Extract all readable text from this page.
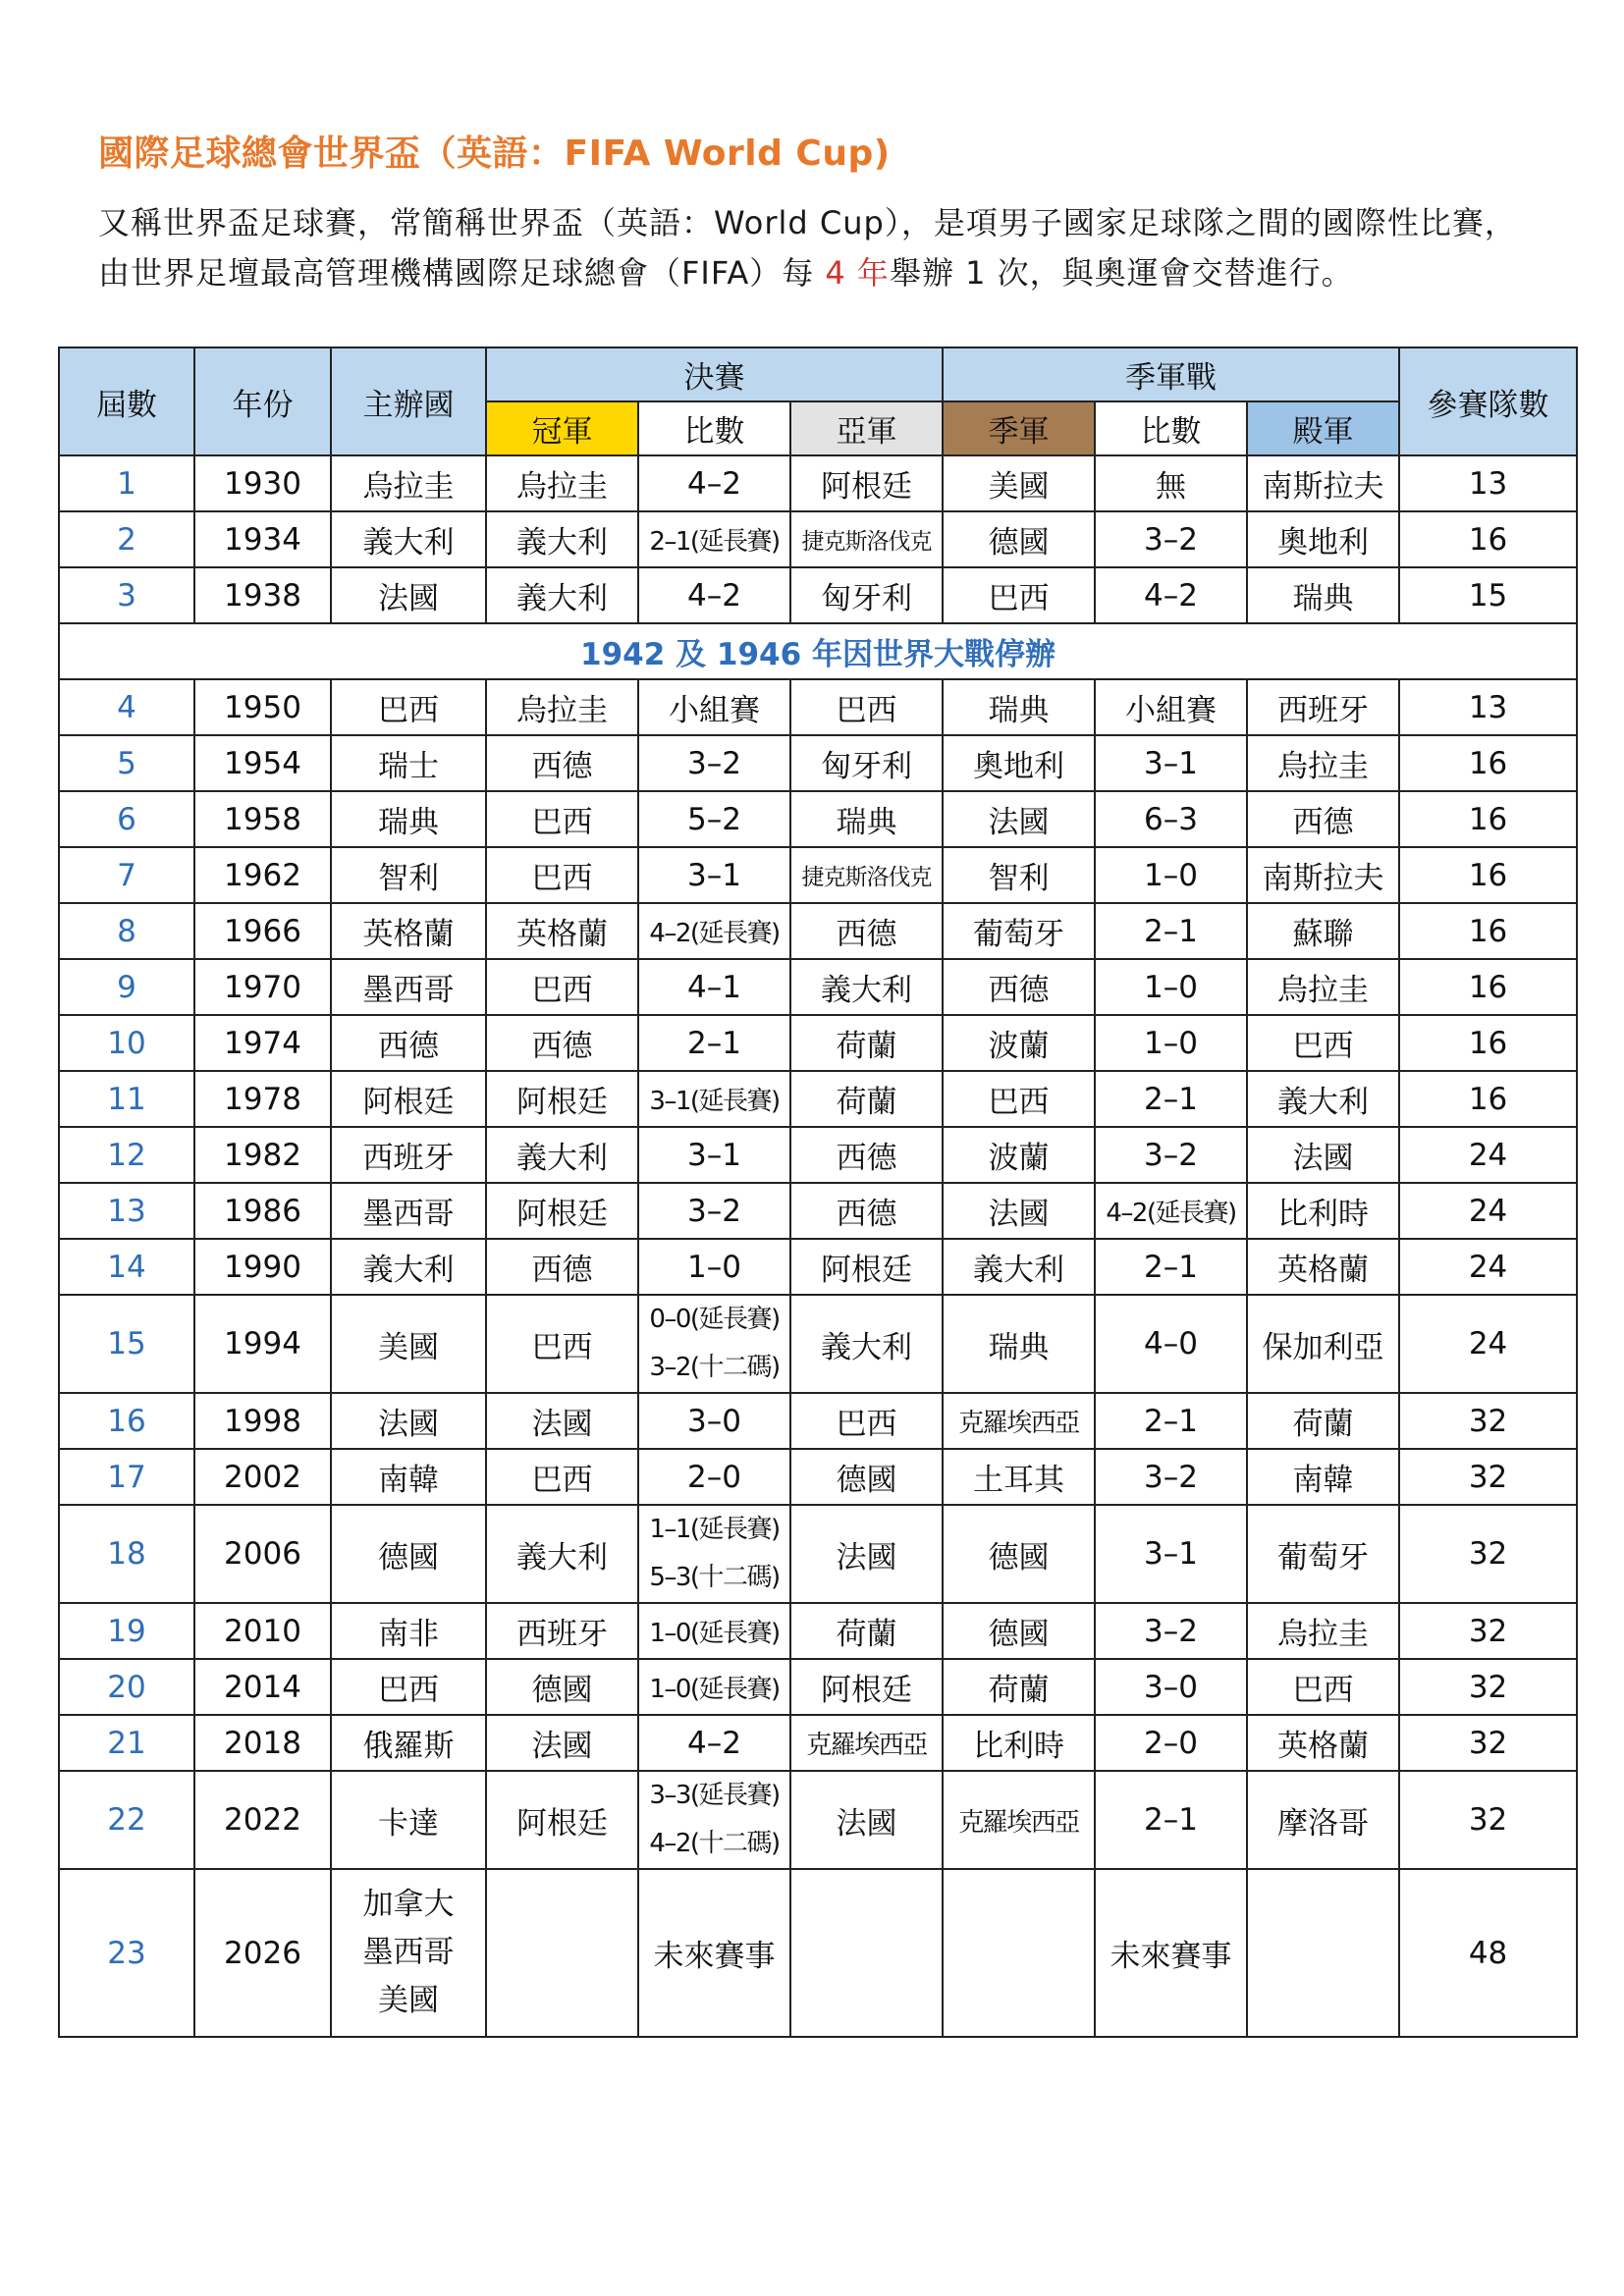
國際足球總會世界盃（英語：FIFA World Cup)

又稱世界盃足球賽，常簡稱世界盃（英語：World Cup），是項男子國家足球隊之間的國際性比賽，

由世界足壇最高管理機構國際足球總會（FIFA）每 4 年舉辦 1 次，與奧運會交替進行。

屆數	年份	主辦國	決賽			季軍戰			參賽隊數
			冠軍	比數	亞軍	季軍	比數	殿軍	
1	1930	烏拉圭	烏拉圭	4–2	阿根廷	美國	無	南斯拉夫	13
2	1934	義大利	義大利	2–1(延長賽)	捷克斯洛伐克	德國	3–2	奧地利	16
3	1938	法國	義大利	4–2	匈牙利	巴西	4–2	瑞典	15
1942 及 1946 年因世界大戰停辦									
4	1950	巴西	烏拉圭	小組賽	巴西	瑞典	小組賽	西班牙	13
5	1954	瑞士	西德	3–2	匈牙利	奧地利	3–1	烏拉圭	16
6	1958	瑞典	巴西	5–2	瑞典	法國	6–3	西德	16
7	1962	智利	巴西	3–1	捷克斯洛伐克	智利	1–0	南斯拉夫	16
8	1966	英格蘭	英格蘭	4–2(延長賽)	西德	葡萄牙	2–1	蘇聯	16
9	1970	墨西哥	巴西	4–1	義大利	西德	1–0	烏拉圭	16
10	1974	西德	西德	2–1	荷蘭	波蘭	1–0	巴西	16
11	1978	阿根廷	阿根廷	3–1(延長賽)	荷蘭	巴西	2–1	義大利	16
12	1982	西班牙	義大利	3–1	西德	波蘭	3–2	法國	24
13	1986	墨西哥	阿根廷	3–2	西德	法國	4–2(延長賽)	比利時	24
14	1990	義大利	西德	1–0	阿根廷	義大利	2–1	英格蘭	24
15	1994	美國	巴西	0–0(延長賽)
3–2(十二碼)	義大利	瑞典	4–0	保加利亞	24
16	1998	法國	法國	3–0	巴西	克羅埃西亞	2–1	荷蘭	32
17	2002	南韓	巴西	2–0	德國	土耳其	3–2	南韓	32
18	2006	德國	義大利	1–1(延長賽)
5–3(十二碼)	法國	德國	3–1	葡萄牙	32
19	2010	南非	西班牙	1–0(延長賽)	荷蘭	德國	3–2	烏拉圭	32
20	2014	巴西	德國	1–0(延長賽)	阿根廷	荷蘭	3–0	巴西	32
21	2018	俄羅斯	法國	4–2	克羅埃西亞	比利時	2–0	英格蘭	32
22	2022	卡達	阿根廷	3–3(延長賽)
4–2(十二碼)	法國	克羅埃西亞	2–1	摩洛哥	32
23	2026	加拿大
墨西哥
美國		未來賽事			未來賽事		48
